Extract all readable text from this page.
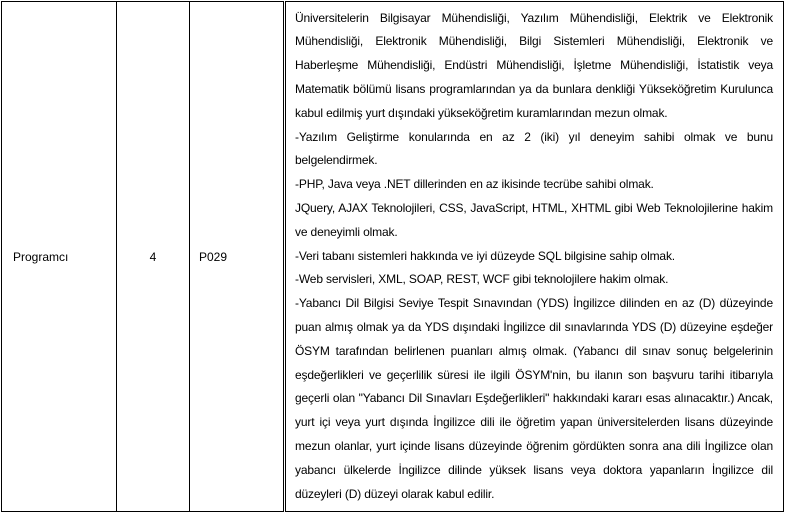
Programcı	4	P029	

Üniversitelerin Bilgisayar Mühendisliği, Yazılım Mühendisliği, Elektrik ve Elektronik Mühendisliği, Elektronik Mühendisliği, Bilgi Sistemleri Mühendisliği, Elektronik ve Haberleşme Mühendisliği, Endüstri Mühendisliği, İşletme Mühendisliği, İstatistik veya Matematik bölümü lisans programlarından ya da bunlara denkliği Yükseköğretim Kurulunca kabul edilmiş yurt dışındaki yükseköğretim kuramlarından mezun olmak.

-Yazılım Geliştirme konularında en az 2 (iki) yıl deneyim sahibi olmak ve bunu belgelendirmek.

-PHP, Java veya .NET dillerinden en az ikisinde tecrübe sahibi olmak.

JQuery, AJAX Teknolojileri, CSS, JavaScript, HTML, XHTML gibi Web Teknolojilerine hakim ve deneyimli olmak.

-Veri tabanı sistemleri hakkında ve iyi düzeyde SQL bilgisine sahip olmak.

-Web servisleri, XML, SOAP, REST, WCF gibi teknolojilere hakim olmak.

-Yabancı Dil Bilgisi Seviye Tespit Sınavından (YDS) İngilizce dilinden en az (D) düzeyinde puan almış olmak ya da YDS dışındaki İngilizce dil sınavlarında YDS (D) düzeyine eşdeğer ÖSYM tarafından belirlenen puanları almış olmak. (Yabancı dil sınav sonuç belgelerinin eşdeğerlikleri ve geçerlilik süresi ile ilgili ÖSYM'nin, bu ilanın son başvuru tarihi itibarıyla geçerli olan "Yabancı Dil Sınavları Eşdeğerlikleri" hakkındaki kararı esas alınacaktır.) Ancak, yurt içi veya yurt dışında İngilizce dili ile öğretim yapan üniversitelerden lisans düzeyinde mezun olanlar, yurt içinde lisans düzeyinde öğrenim gördükten sonra ana dili İngilizce olan yabancı ülkelerde İngilizce dilinde yüksek lisans veya doktora yapanların İngilizce dil düzeyleri (D) düzeyi olarak kabul edilir.
